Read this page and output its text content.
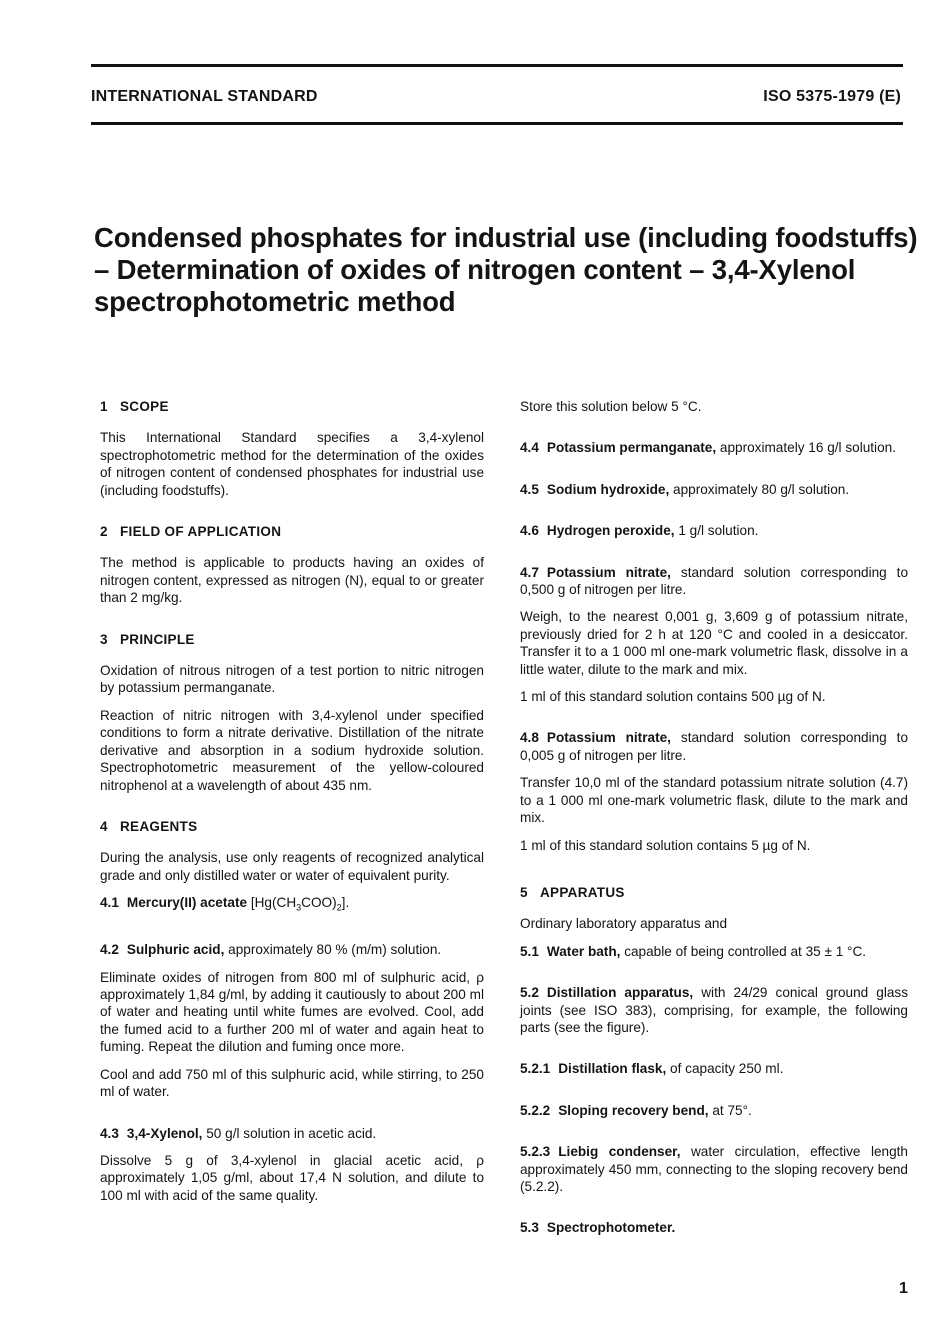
INTERNATIONAL STANDARD	ISO 5375-1979 (E)
Condensed phosphates for industrial use (including foodstuffs) – Determination of oxides of nitrogen content – 3,4-Xylenol spectrophotometric method
1 SCOPE

This International Standard specifies a 3,4-xylenol spectrophotometric method for the determination of the oxides of nitrogen content of condensed phosphates for industrial use (including foodstuffs).

2 FIELD OF APPLICATION

The method is applicable to products having an oxides of nitrogen content, expressed as nitrogen (N), equal to or greater than 2 mg/kg.

3 PRINCIPLE

Oxidation of nitrous nitrogen of a test portion to nitric nitrogen by potassium permanganate.

Reaction of nitric nitrogen with 3,4-xylenol under specified conditions to form a nitrate derivative. Distillation of the nitrate derivative and absorption in a sodium hydroxide solution. Spectrophotometric measurement of the yellow-coloured nitrophenol at a wavelength of about 435 nm.

4 REAGENTS

During the analysis, use only reagents of recognized analytical grade and only distilled water or water of equivalent purity.

4.1 Mercury(II) acetate $[Hg(CH_3COO)_2]$.

4.2 Sulphuric acid, approximately 80 % (m/m) solution.

Eliminate oxides of nitrogen from 800 ml of sulphuric acid, ρ approximately 1,84 g/ml, by adding it cautiously to about 200 ml of water and heating until white fumes are evolved. Cool, add the fumed acid to a further 200 ml of water and again heat to fuming. Repeat the dilution and fuming once more.

Cool and add 750 ml of this sulphuric acid, while stirring, to 250 ml of water.

4.3 3,4-Xylenol, 50 g/l solution in acetic acid.

Dissolve 5 g of 3,4-xylenol in glacial acetic acid, ρ approximately 1,05 g/ml, about 17,4 N solution, and dilute to 100 ml with acid of the same quality.

Store this solution below 5 °C.

4.4 Potassium permanganate, approximately 16 g/l solution.

4.5 Sodium hydroxide, approximately 80 g/l solution.

4.6 Hydrogen peroxide, 1 g/l solution.

4.7 Potassium nitrate, standard solution corresponding to 0,500 g of nitrogen per litre.

Weigh, to the nearest 0,001 g, 3,609 g of potassium nitrate, previously dried for 2 h at 120 °C and cooled in a desiccator. Transfer it to a 1 000 ml one-mark volumetric flask, dissolve in a little water, dilute to the mark and mix.

1 ml of this standard solution contains 500 µg of N.

4.8 Potassium nitrate, standard solution corresponding to 0,005 g of nitrogen per litre.

Transfer 10,0 ml of the standard potassium nitrate solution (4.7) to a 1 000 ml one-mark volumetric flask, dilute to the mark and mix.

1 ml of this standard solution contains 5 µg of N.

5 APPARATUS

Ordinary laboratory apparatus and

5.1 Water bath, capable of being controlled at 35 ± 1 °C.

5.2 Distillation apparatus, with 24/29 conical ground glass joints (see ISO 383), comprising, for example, the following parts (see the figure).

5.2.1 Distillation flask, of capacity 250 ml.

5.2.2 Sloping recovery bend, at 75°.

5.2.3 Liebig condenser, water circulation, effective length approximately 450 mm, connecting to the sloping recovery bend (5.2.2).

5.3 Spectrophotometer.

1
